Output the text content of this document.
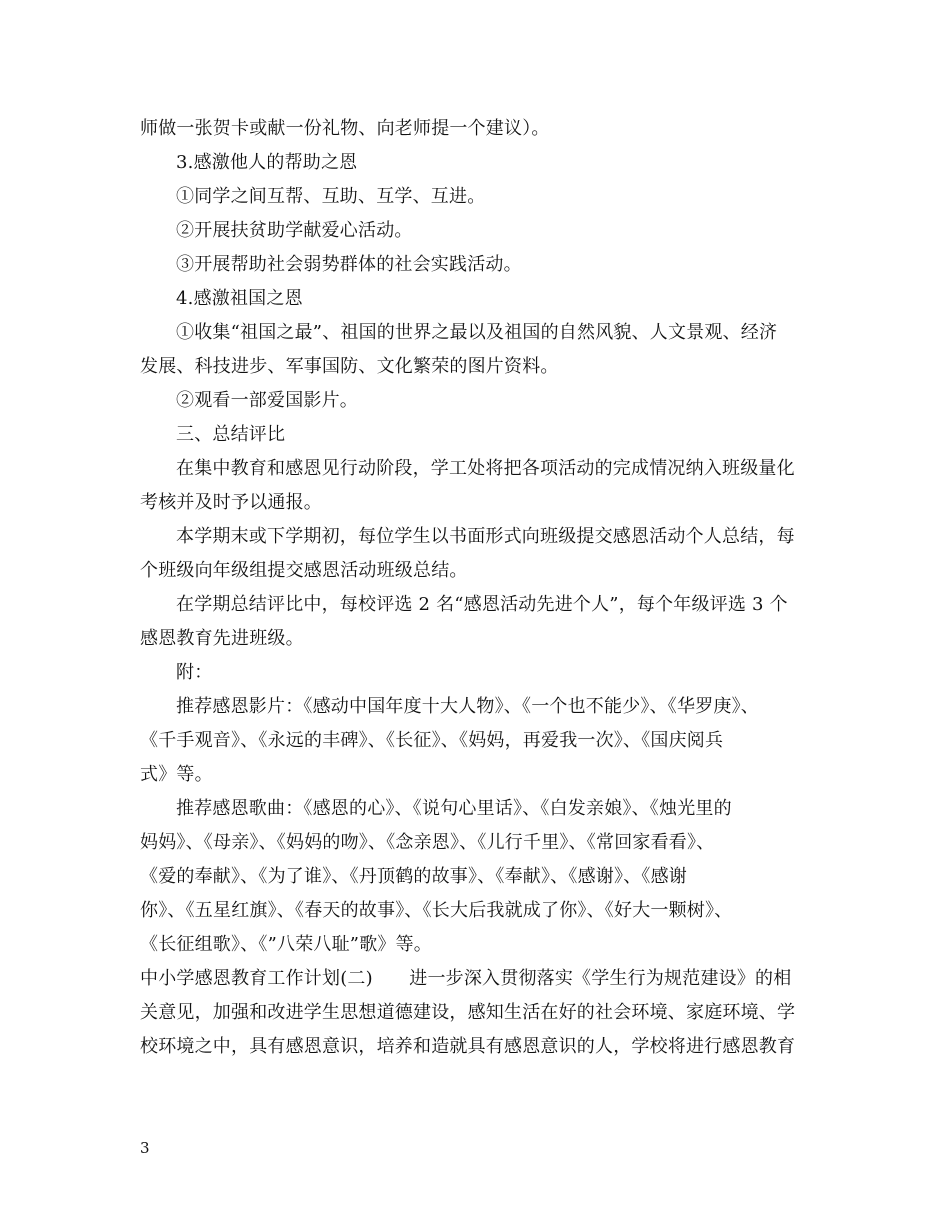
师做一张贺卡或献一份礼物、向老师提一个建议）。
3.感激他人的帮助之恩
①同学之间互帮、互助、互学、互进。
②开展扶贫助学献爱心活动。
③开展帮助社会弱势群体的社会实践活动。
4.感激祖国之恩
①收集“祖国之最”、祖国的世界之最以及祖国的自然风貌、人文景观、经济
发展、科技进步、军事国防、文化繁荣的图片资料。
②观看一部爱国影片。
三、总结评比
在集中教育和感恩见行动阶段，学工处将把各项活动的完成情况纳入班级量化
考核并及时予以通报。
本学期末或下学期初，每位学生以书面形式向班级提交感恩活动个人总结，每
个班级向年级组提交感恩活动班级总结。
在学期总结评比中，每校评选 2 名“感恩活动先进个人”，每个年级评选 3 个
感恩教育先进班级。
附：
推荐感恩影片：《感动中国年度十大人物》、《一个也不能少》、《华罗庚》、
《千手观音》、《永远的丰碑》、《长征》、《妈妈，再爱我一次》、《国庆阅兵
式》等。
推荐感恩歌曲：《感恩的心》、《说句心里话》、《白发亲娘》、《烛光里的
妈妈》、《母亲》、《妈妈的吻》、《念亲恩》、《儿行千里》、《常回家看看》、
《爱的奉献》、《为了谁》、《丹顶鹤的故事》、《奉献》、《感谢》、《感谢
你》、《五星红旗》、《春天的故事》、《长大后我就成了你》、《好大一颗树》、
《长征组歌》、《”八荣八耻”歌》等。
中小学感恩教育工作计划(二)　　进一步深入贯彻落实《学生行为规范建设》的相
关意见，加强和改进学生思想道德建设，感知生活在好的社会环境、家庭环境、学
校环境之中，具有感恩意识，培养和造就具有感恩意识的人，学校将进行感恩教育
3
